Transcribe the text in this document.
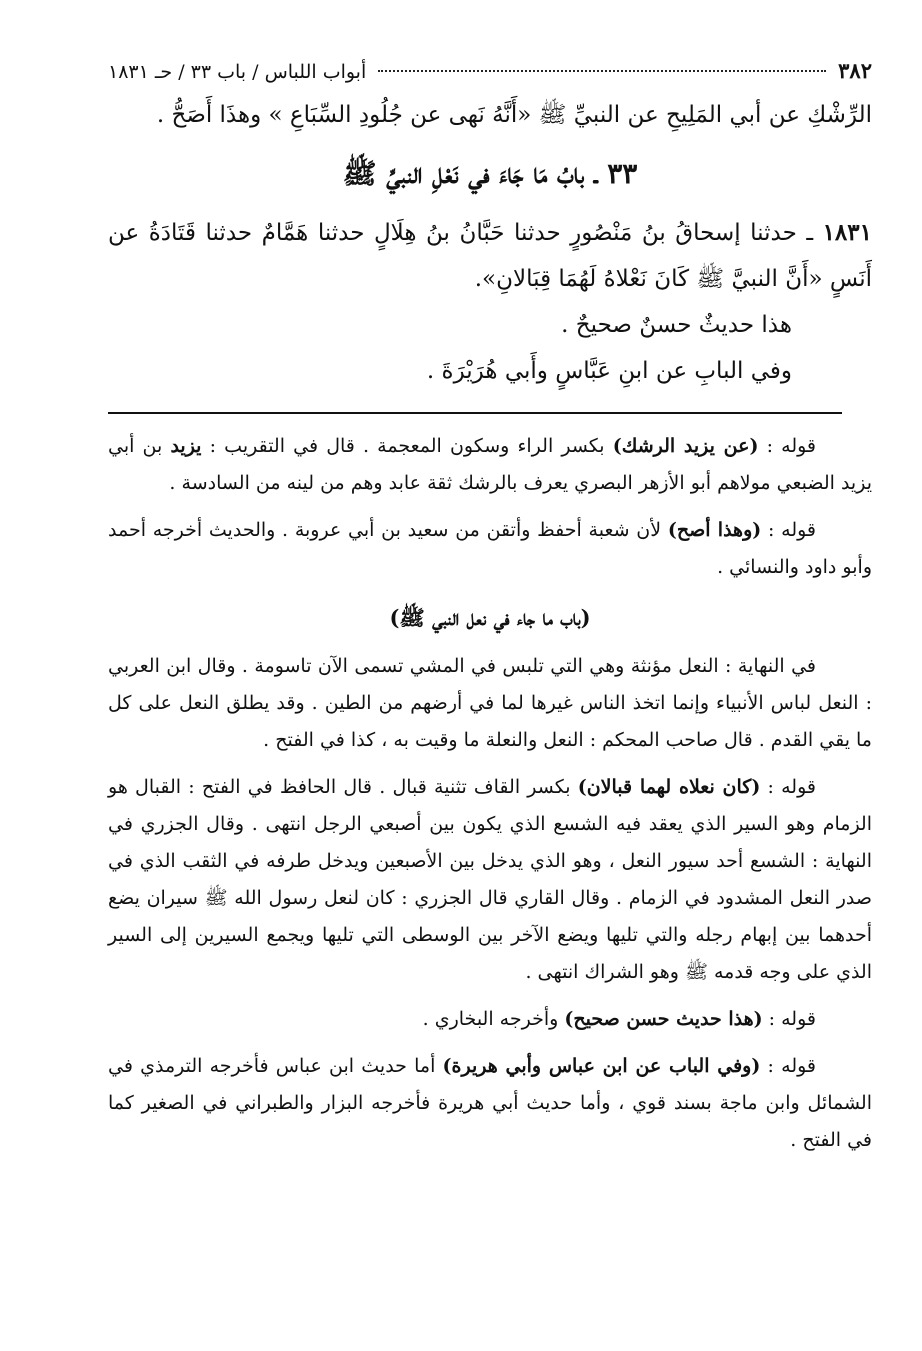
٣٨٢
أبواب اللباس / باب ٣٣ / حـ ١٨٣١

الرِّشْكِ عن أبي المَلِيحِ عن النبيِّ ﷺ «أَنَّهُ نَهى عن جُلُودِ السِّبَاعِ » وهذَا أَصَحُّ .

٣٣ ـ بابُ مَا جَاءَ في نَعْلِ النبيِّ ﷺ

١٨٣١ ـ حدثنا إسحاقُ بنُ مَنْصُورٍ حدثنا حَبَّانُ بنُ هِلَالٍ حدثنا هَمَّامٌ حدثنا قَتَادَةُ عن أَنَسٍ «أَنَّ النبيَّ ﷺ كَانَ نَعْلاهُ لَهُمَا قِبَالانِ».

هذا حديثٌ حسنٌ صحيحٌ .

وفي البابِ عن ابنِ عَبَّاسٍ وأَبي هُرَيْرَةَ .

قوله : (عن يزيد الرشك) بكسر الراء وسكون المعجمة . قال في التقريب : يزيد بن أبي يزيد الضبعي مولاهم أبو الأزهر البصري يعرف بالرشك ثقة عابد وهم من لينه من السادسة .

قوله : (وهذا أصح) لأن شعبة أحفظ وأتقن من سعيد بن أبي عروبة . والحديث أخرجه أحمد وأبو داود والنسائي .

(باب ما جاء في نعل النبي ﷺ)

في النهاية : النعل مؤنثة وهي التي تلبس في المشي تسمى الآن تاسومة . وقال ابن العربي : النعل لباس الأنبياء وإنما اتخذ الناس غيرها لما في أرضهم من الطين . وقد يطلق النعل على كل ما يقي القدم . قال صاحب المحكم : النعل والنعلة ما وقيت به ، كذا في الفتح .

قوله : (كان نعلاه لهما قبالان) بكسر القاف تثنية قبال . قال الحافظ في الفتح : القبال هو الزمام وهو السير الذي يعقد فيه الشسع الذي يكون بين أصبعي الرجل انتهى . وقال الجزري في النهاية : الشسع أحد سيور النعل ، وهو الذي يدخل بين الأصبعين ويدخل طرفه في الثقب الذي في صدر النعل المشدود في الزمام . وقال القاري قال الجزري : كان لنعل رسول الله ﷺ سيران يضع أحدهما بين إبهام رجله والتي تليها ويضع الآخر بين الوسطى التي تليها ويجمع السيرين إلى السير الذي على وجه قدمه ﷺ وهو الشراك انتهى .

قوله : (هذا حديث حسن صحيح) وأخرجه البخاري .

قوله : (وفي الباب عن ابن عباس وأبي هريرة) أما حديث ابن عباس فأخرجه الترمذي في الشمائل وابن ماجة بسند قوي ، وأما حديث أبي هريرة فأخرجه البزار والطبراني في الصغير كما في الفتح .
